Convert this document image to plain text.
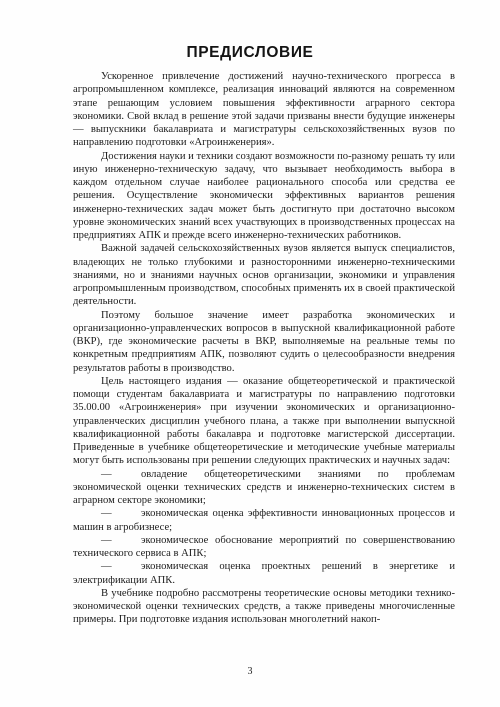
ПРЕДИСЛОВИЕ

Ускоренное привлечение достижений научно-технического прогресса в агропромышленном комплексе, реализация инноваций являются на современном этапе решающим условием повышения эффективности аграрного сектора экономики. Свой вклад в решение этой задачи призваны внести будущие инженеры — выпускники бакалавриата и магистратуры сельскохозяйственных вузов по направлению подготовки «Агроинженерия».

Достижения науки и техники создают возможности по-разному решать ту или иную инженерно-техническую задачу, что вызывает необходимость выбора в каждом отдельном случае наиболее рационального способа или средства ее решения. Осуществление экономически эффективных вариантов решения инженерно-технических задач может быть достигнуто при достаточно высоком уровне экономических знаний всех участвующих в производственных процессах на предприятиях АПК и прежде всего инженерно-технических работников.

Важной задачей сельскохозяйственных вузов является выпуск специалистов, владеющих не только глубокими и разносторонними инженерно-техническими знаниями, но и знаниями научных основ организации, экономики и управления агропромышленным производством, способных применять их в своей практической деятельности.

Поэтому большое значение имеет разработка экономических и организационно-управленческих вопросов в выпускной квалификационной работе (ВКР), где экономические расчеты в ВКР, выполняемые на реальные темы по конкретным предприятиям АПК, позволяют судить о целесообразности внедрения результатов работы в производство.

Цель настоящего издания — оказание общетеоретической и практической помощи студентам бакалавриата и магистратуры по направлению подготовки 35.00.00 «Агроинженерия» при изучении экономических и организационно-управленческих дисциплин учебного плана, а также при выполнении выпускной квалификационной работы бакалавра и подготовке магистерской диссертации. Приведенные в учебнике общетеоретические и методические учебные материалы могут быть использованы при решении следующих практических и научных задач:

—	овладение общетеоретическими знаниями по проблемам экономической оценки технических средств и инженерно-технических систем в аграрном секторе экономики;

—	экономическая оценка эффективности инновационных процессов и машин в агробизнесе;

—	экономическое обоснование мероприятий по совершенствованию технического сервиса в АПК;

—	экономическая оценка проектных решений в энергетике и электрификации АПК.

В учебнике подробно рассмотрены теоретические основы методики технико-экономической оценки технических средств, а также приведены многочисленные примеры. При подготовке издания использован многолетний накоп-

3
